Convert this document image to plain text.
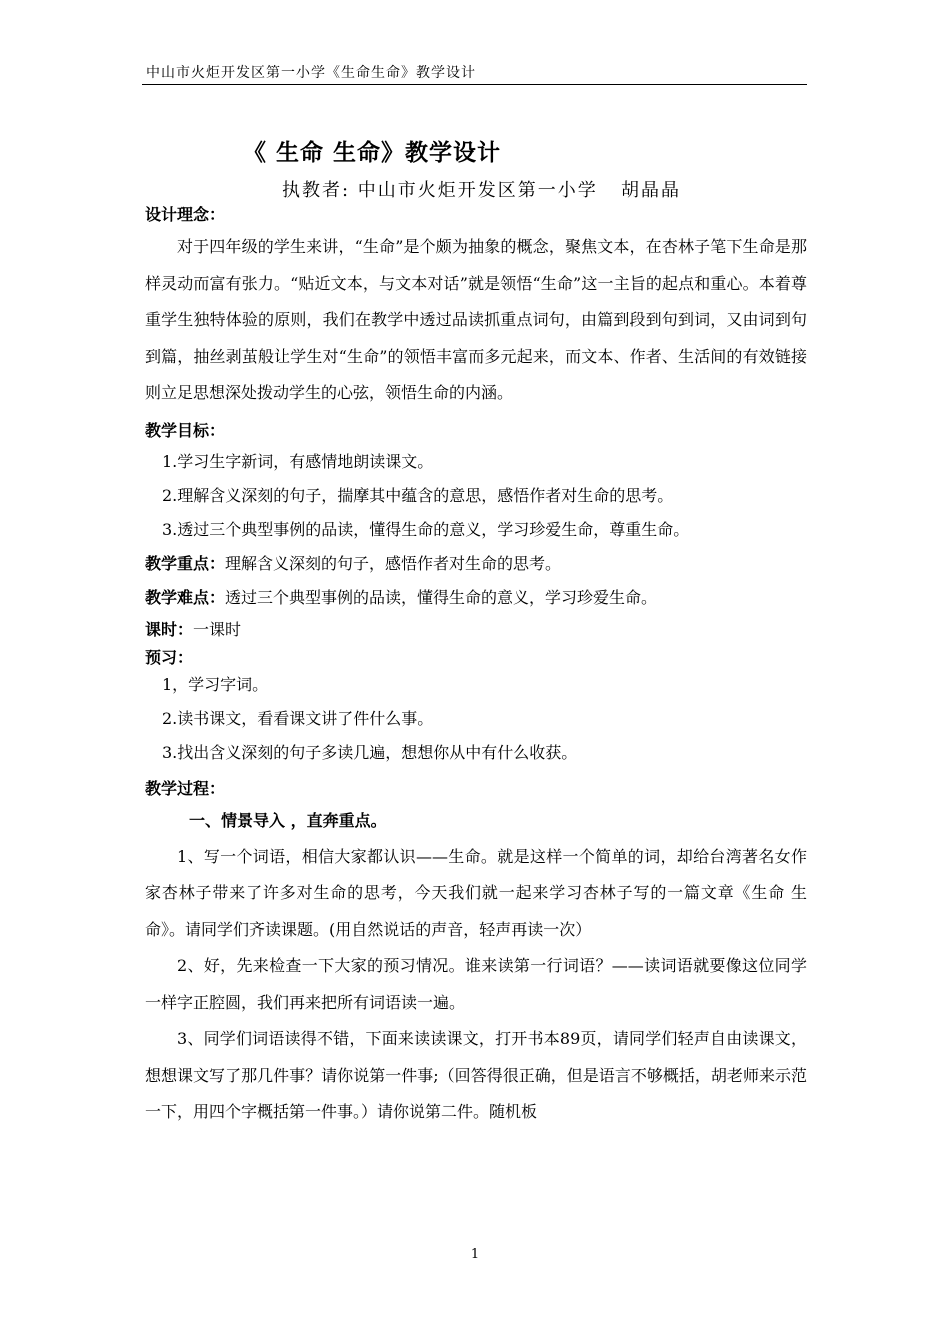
中山市火炬开发区第一小学《生命生命》教学设计
《 生命 生命》教学设计
执教者: 中山市火炬开发区第一小学   胡晶晶
设计理念：
对于四年级的学生来讲，“生命”是个颇为抽象的概念，聚焦文本，在杏林子笔下生命是那样灵动而富有张力。“贴近文本，与文本对话”就是领悟“生命”这一主旨的起点和重心。本着尊重学生独特体验的原则，我们在教学中透过品读抓重点词句，由篇到段到句到词，又由词到句到篇，抽丝剥茧般让学生对“生命”的领悟丰富而多元起来，而文本、作者、生活间的有效链接则立足思想深处拨动学生的心弦，领悟生命的内涵。
教学目标：
1.学习生字新词，有感情地朗读课文。
2.理解含义深刻的句子，揣摩其中蕴含的意思，感悟作者对生命的思考。
3.透过三个典型事例的品读，懂得生命的意义，学习珍爱生命，尊重生命。
教学重点：理解含义深刻的句子，感悟作者对生命的思考。
教学难点：透过三个典型事例的品读，懂得生命的意义，学习珍爱生命。
课时：一课时
预习：
1，学习字词。
2.读书课文，看看课文讲了件什么事。
3.找出含义深刻的句子多读几遍，想想你从中有什么收获。
教学过程：
一、情景导入 ，直奔重点。
1、写一个词语，相信大家都认识——生命。就是这样一个简单的词，却给台湾著名女作家杏林子带来了许多对生命的思考，今天我们就一起来学习杏林子写的一篇文章《生命 生命》。请同学们齐读课题。(用自然说话的声音，轻声再读一次）
2、好，先来检查一下大家的预习情况。谁来读第一行词语？——读词语就要像这位同学一样字正腔圆，我们再来把所有词语读一遍。
3、同学们词语读得不错，下面来读读课文，打开书本89页，请同学们轻声自由读课文，想想课文写了那几件事？请你说第一件事;（回答得很正确，但是语言不够概括，胡老师来示范一下，用四个字概括第一件事。）请你说第二件。随机板
1
